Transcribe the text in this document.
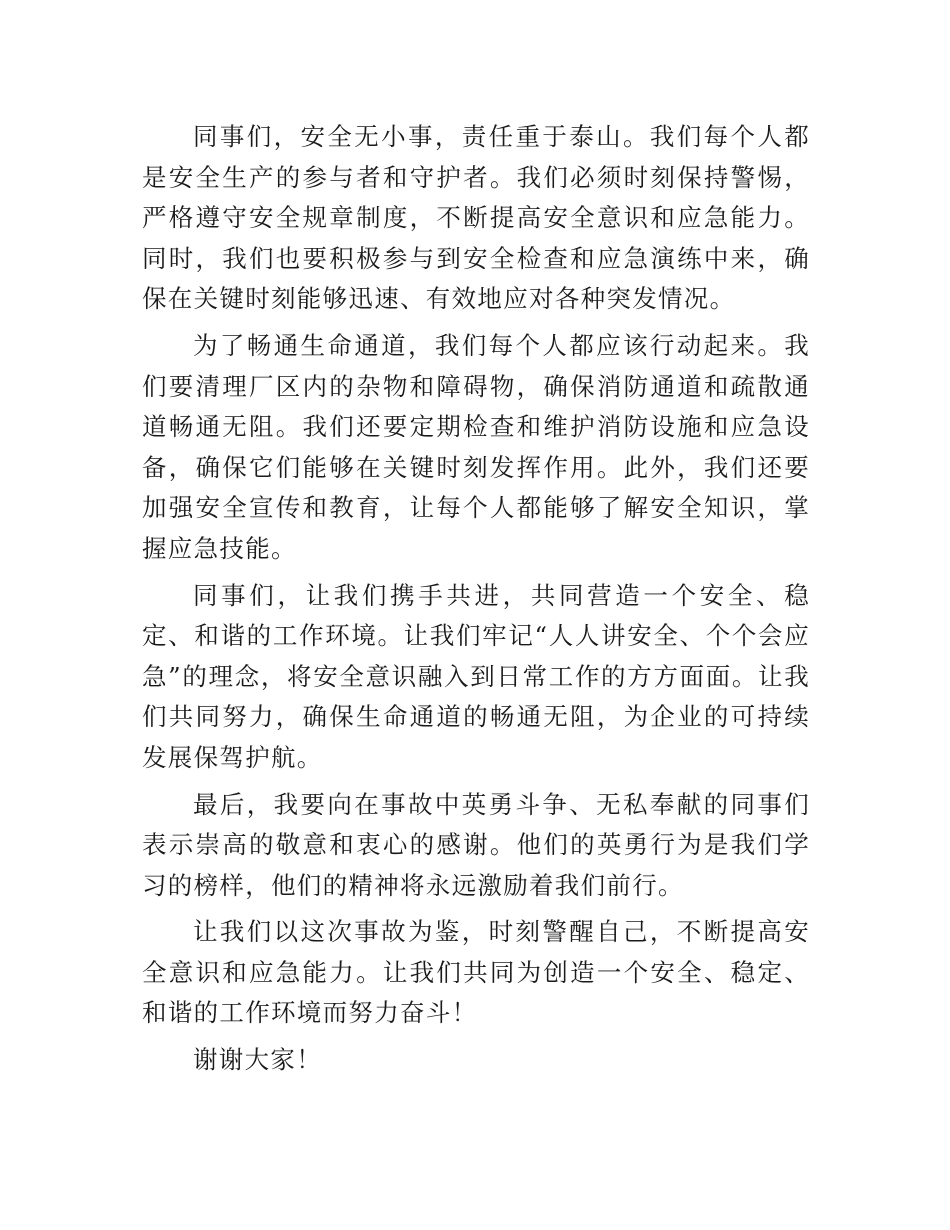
同事们，安全无小事，责任重于泰山。我们每个人都是安全生产的参与者和守护者。我们必须时刻保持警惕，严格遵守安全规章制度，不断提高安全意识和应急能力。同时，我们也要积极参与到安全检查和应急演练中来，确保在关键时刻能够迅速、有效地应对各种突发情况。

为了畅通生命通道，我们每个人都应该行动起来。我们要清理厂区内的杂物和障碍物，确保消防通道和疏散通道畅通无阻。我们还要定期检查和维护消防设施和应急设备，确保它们能够在关键时刻发挥作用。此外，我们还要加强安全宣传和教育，让每个人都能够了解安全知识，掌握应急技能。

同事们，让我们携手共进，共同营造一个安全、稳定、和谐的工作环境。让我们牢记“人人讲安全、个个会应急”的理念，将安全意识融入到日常工作的方方面面。让我们共同努力，确保生命通道的畅通无阻，为企业的可持续发展保驾护航。

最后，我要向在事故中英勇斗争、无私奉献的同事们表示崇高的敬意和衷心的感谢。他们的英勇行为是我们学习的榜样，他们的精神将永远激励着我们前行。

让我们以这次事故为鉴，时刻警醒自己，不断提高安全意识和应急能力。让我们共同为创造一个安全、稳定、和谐的工作环境而努力奋斗！

谢谢大家！
